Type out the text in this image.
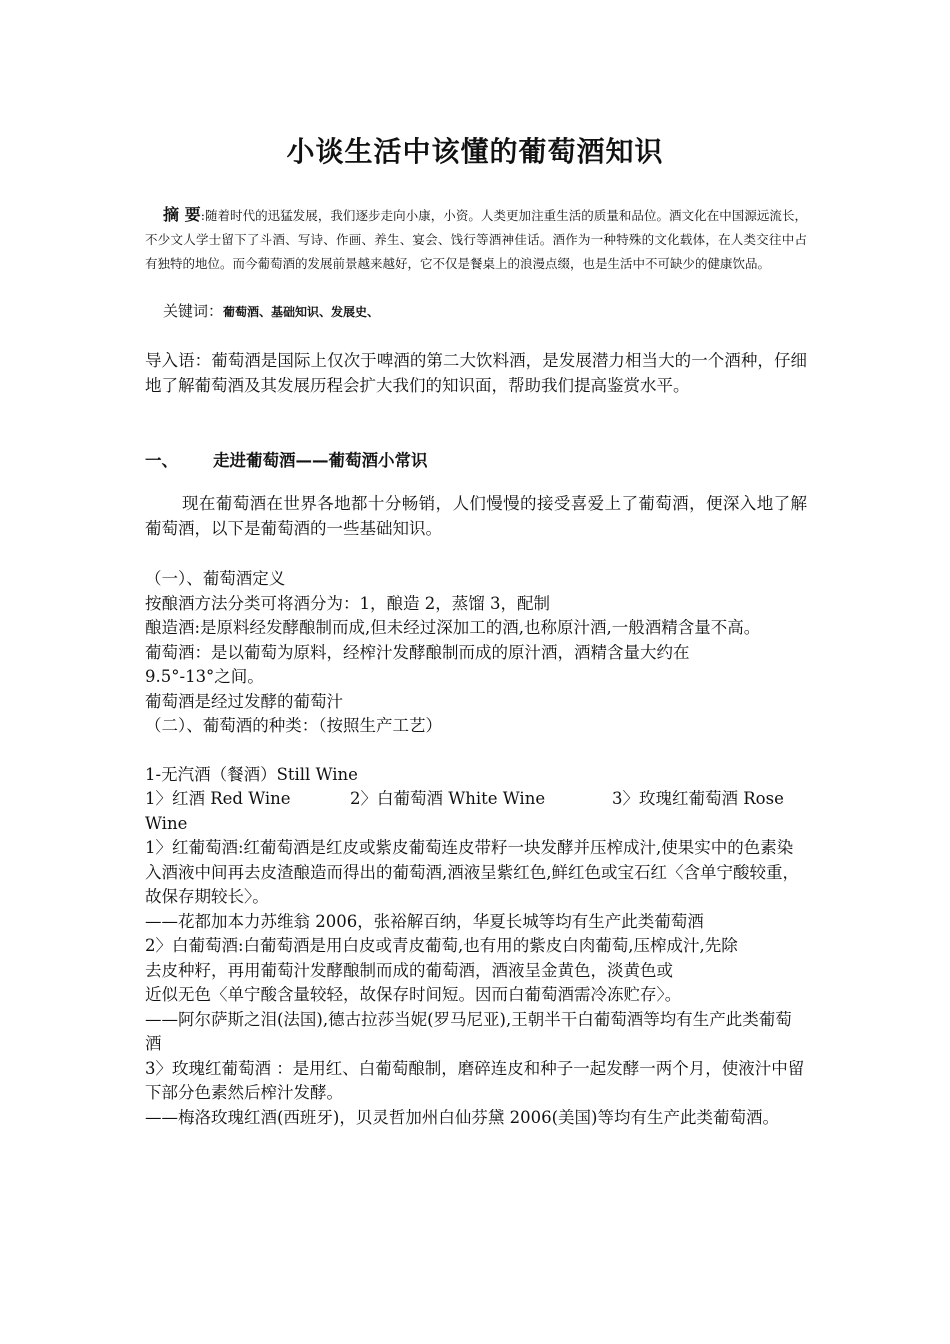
小谈生活中该懂的葡萄酒知识
摘 要:随着时代的迅猛发展，我们逐步走向小康，小资。人类更加注重生活的质量和品位。酒文化在中国源远流长，不少文人学士留下了斗酒、写诗、作画、养生、宴会、饯行等酒神佳话。酒作为一种特殊的文化载体，在人类交往中占有独特的地位。而今葡萄酒的发展前景越来越好，它不仅是餐桌上的浪漫点缀，也是生活中不可缺少的健康饮品。
关键词：葡萄酒、基础知识、发展史、
导入语：葡萄酒是国际上仅次于啤酒的第二大饮料酒，是发展潜力相当大的一个酒种，仔细地了解葡萄酒及其发展历程会扩大我们的知识面，帮助我们提高鉴赏水平。
一、 走进葡萄酒——葡萄酒小常识
现在葡萄酒在世界各地都十分畅销，人们慢慢的接受喜爱上了葡萄酒，便深入地了解葡萄酒，以下是葡萄酒的一些基础知识。

（一）、葡萄酒定义

按酿酒方法分类可将酒分为：1，酿造 2，蒸馏 3，配制

酿造酒:是原料经发酵酿制而成,但未经过深加工的酒,也称原汁酒,一般酒精含量不高。

葡萄酒：是以葡萄为原料，经榨汁发酵酿制而成的原汁酒，酒精含量大约在

9.5°-13°之间。

葡萄酒是经过发酵的葡萄汁

（二）、葡萄酒的种类：（按照生产工艺）

1-无汽酒（餐酒）Still Wine

1〉红酒 Red Wine	2〉白葡萄酒 White Wine	3〉玫瑰红葡萄酒 Rose

Wine

1〉红葡萄酒:红葡萄酒是红皮或紫皮葡萄连皮带籽一块发酵并压榨成汁,使果实中的色素染入酒液中间再去皮渣酿造而得出的葡萄酒,酒液呈紫红色,鲜红色或宝石红〈含单宁酸较重，故保存期较长〉。

——花都加本力苏维翁 2006，张裕解百纳，华夏长城等均有生产此类葡萄酒

2〉白葡萄酒:白葡萄酒是用白皮或青皮葡萄,也有用的紫皮白肉葡萄,压榨成汁,先除

去皮种籽，再用葡萄汁发酵酿制而成的葡萄酒，酒液呈金黄色，淡黄色或

近似无色〈单宁酸含量较轻，故保存时间短。因而白葡萄酒需冷冻贮存〉。

——阿尔萨斯之泪(法国),德古拉莎当妮(罗马尼亚),王朝半干白葡萄酒等均有生产此类葡萄酒

3〉玫瑰红葡萄酒 ：是用红、白葡萄酿制，磨碎连皮和种子一起发酵一两个月，使液汁中留下部分色素然后榨汁发酵。

——梅洛玫瑰红酒(西班牙)，贝灵哲加州白仙芬黛 2006(美国)等均有生产此类葡萄酒。
